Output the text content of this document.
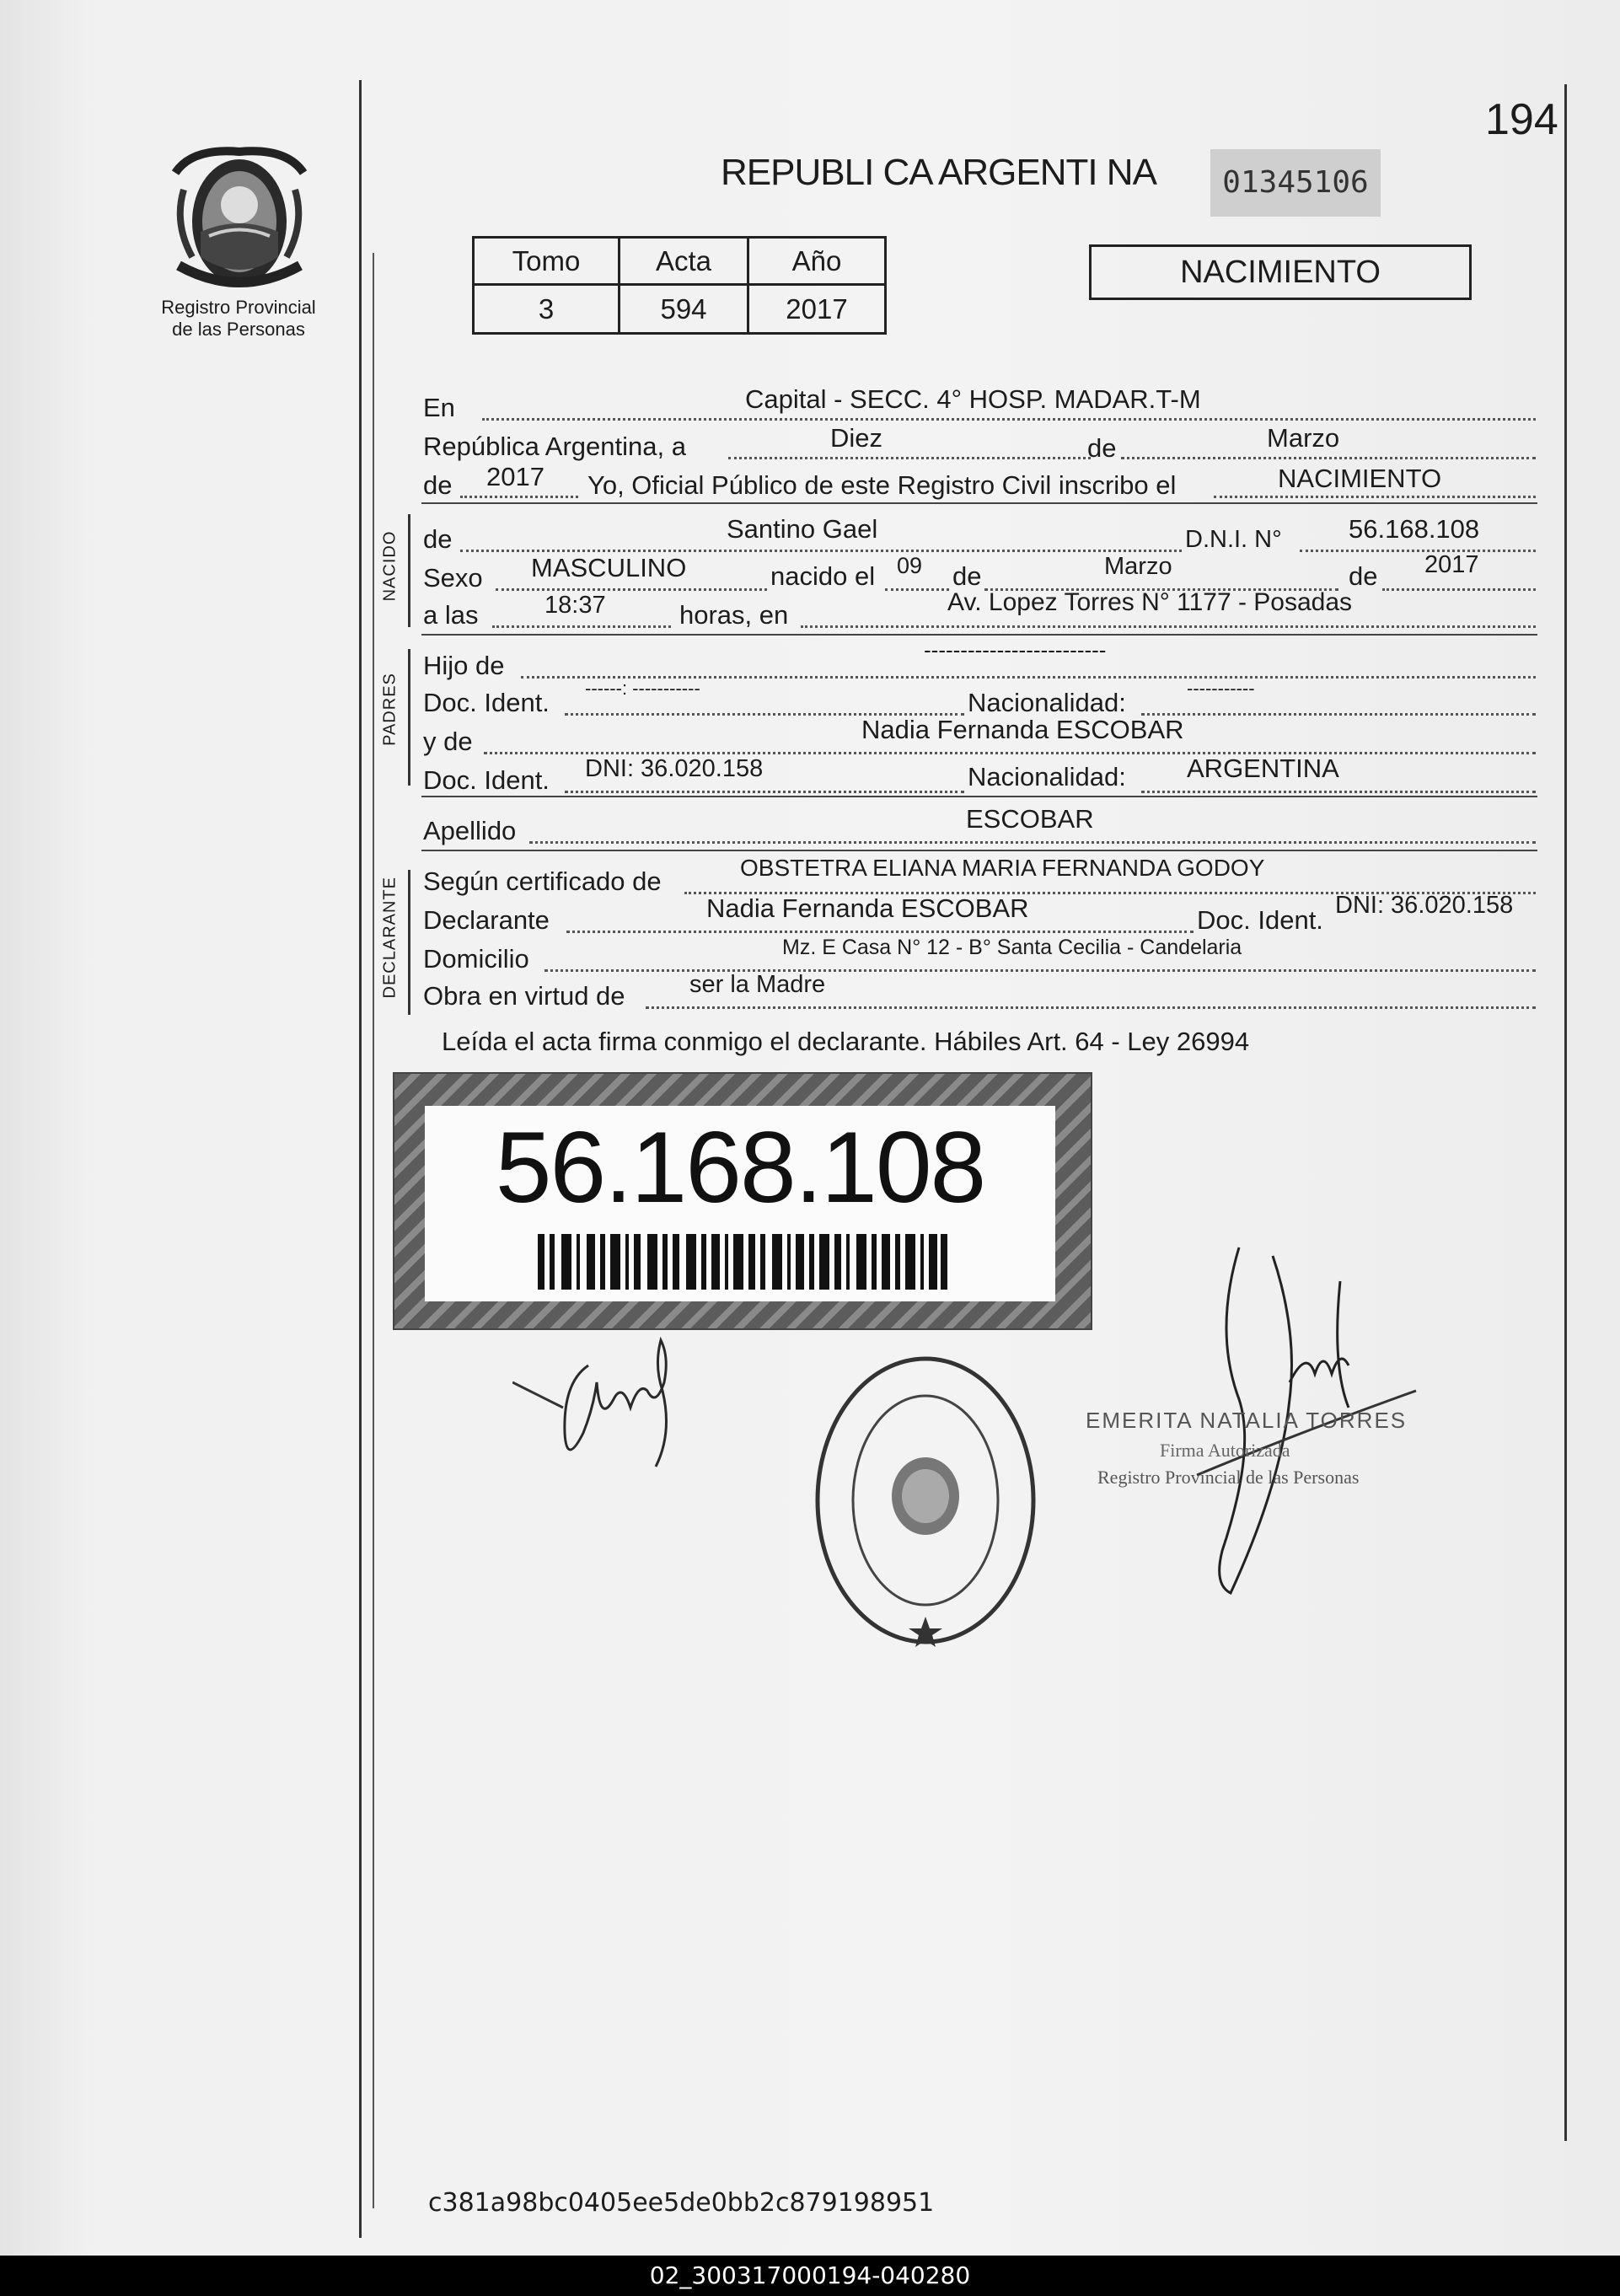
194
Registro Provincial
de las Personas
REPUBLI CA ARGENTI NA	01345106
Tomo	Acta	Año
3	594	2017
NACIMIENTO
En	Capital - SECC. 4° HOSP. MADAR.T-M
República Argentina, a	Diez	de	Marzo
de 2017 Yo, Oficial Público de este Registro Civil inscribo el	NACIMIENTO
NACIDO de	Santino Gael	D.N.I. N°	56.168.108
Sexo MASCULINO	nacido el 09 de	Marzo	de 2017
a las	18:37	horas, en	Av. Lopez Torres N° 1177 - Posadas
PADRES
Hijo de
-------------------------
Doc. Ident. ------: -----------	Nacionalidad:	-----------
y de	Nadia Fernanda ESCOBAR
Doc. Ident. DNI: 36.020.158	Nacionalidad: ARGENTINA
Apellido	ESCOBAR
DECLARANTE Según certificado de	OBSTETRA ELIANA MARIA FERNANDA GODOY
Declarante	Nadia Fernanda ESCOBAR	Doc. Ident. DNI: 36.020.158
Domicilio	Mz. E Casa N° 12 - B° Santa Cecilia - Candelaria
Obra en virtud de	ser la Madre
Leída el acta firma conmigo el declarante. Hábiles Art. 64 - Ley 26994
56.168.108
EMERITA NATALIA TORRES
Firma Autorizada
Registro Provincial de las Personas
c381a98bc0405ee5de0bb2c879198951
02_300317000194-040280
